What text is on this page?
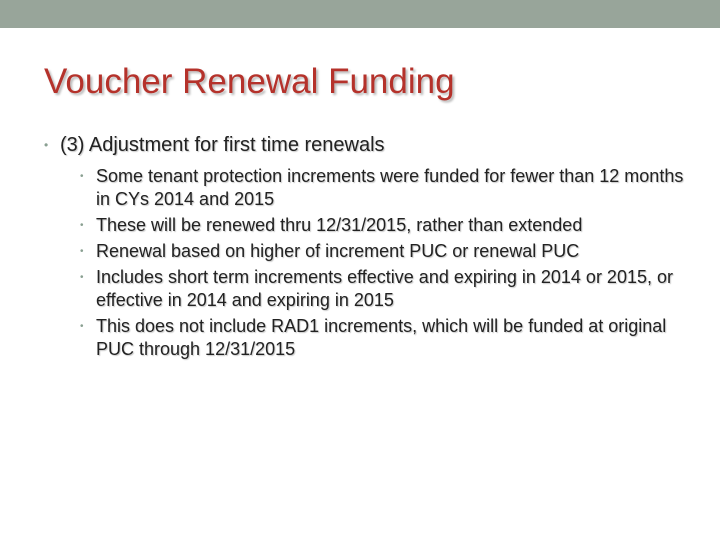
Voucher Renewal Funding
• (3) Adjustment for first time renewals
• Some tenant protection increments were funded for fewer than 12 months in CYs 2014 and 2015
• These will be renewed thru 12/31/2015, rather than extended
• Renewal based on higher of increment PUC or renewal PUC
• Includes short term increments effective and expiring in 2014 or 2015, or effective in 2014 and expiring in 2015
• This does not include RAD1 increments, which will be funded at original PUC through 12/31/2015
